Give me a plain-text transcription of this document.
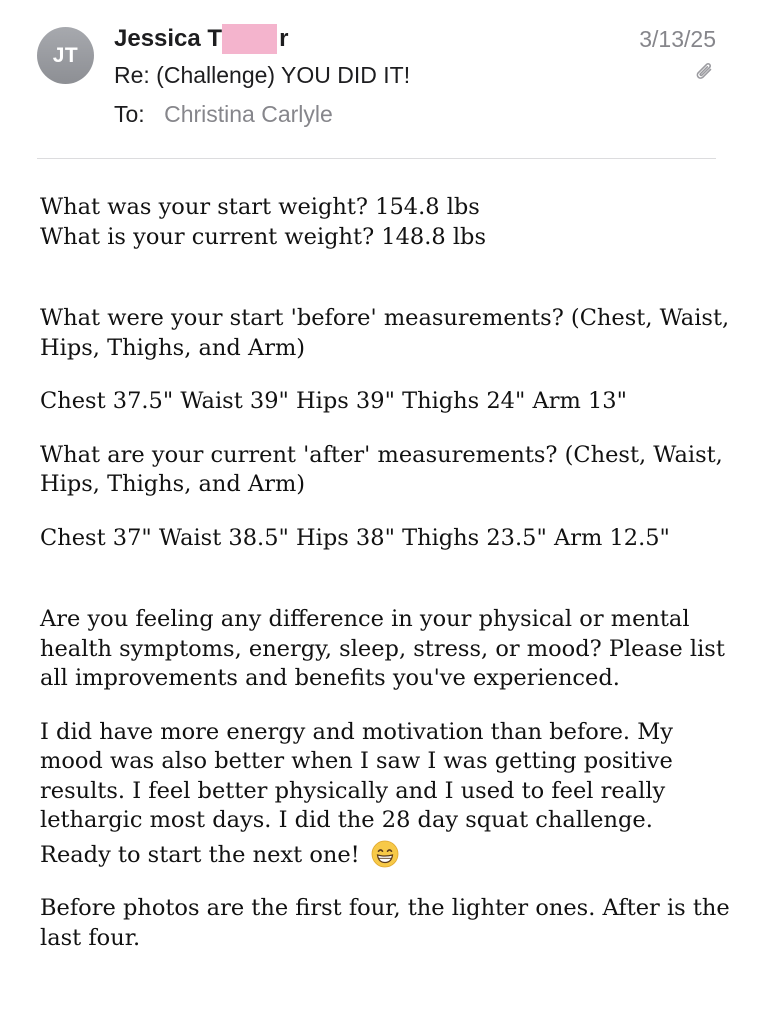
JT
Jessica T r
Re: (Challenge) YOU DID IT!
To: Christina Carlyle
3/13/25

What was your start weight? 154.8 lbs

What is your current weight? 148.8 lbs

What were your start 'before' measurements? (Chest, Waist, Hips, Thighs, and Arm)

Chest 37.5" Waist 39" Hips 39" Thighs 24" Arm 13"

What are your current 'after' measurements? (Chest, Waist, Hips, Thighs, and Arm)

Chest 37" Waist 38.5" Hips 38" Thighs 23.5" Arm 12.5"

Are you feeling any difference in your physical or mental health symptoms, energy, sleep, stress, or mood? Please list all improvements and benefits you've experienced.

I did have more energy and motivation than before. My mood was also better when I saw I was getting positive results. I feel better physically and I used to feel really lethargic most days. I did the 28 day squat challenge.

Ready to start the next one!

Before photos are the first four, the lighter ones. After is the last four.
